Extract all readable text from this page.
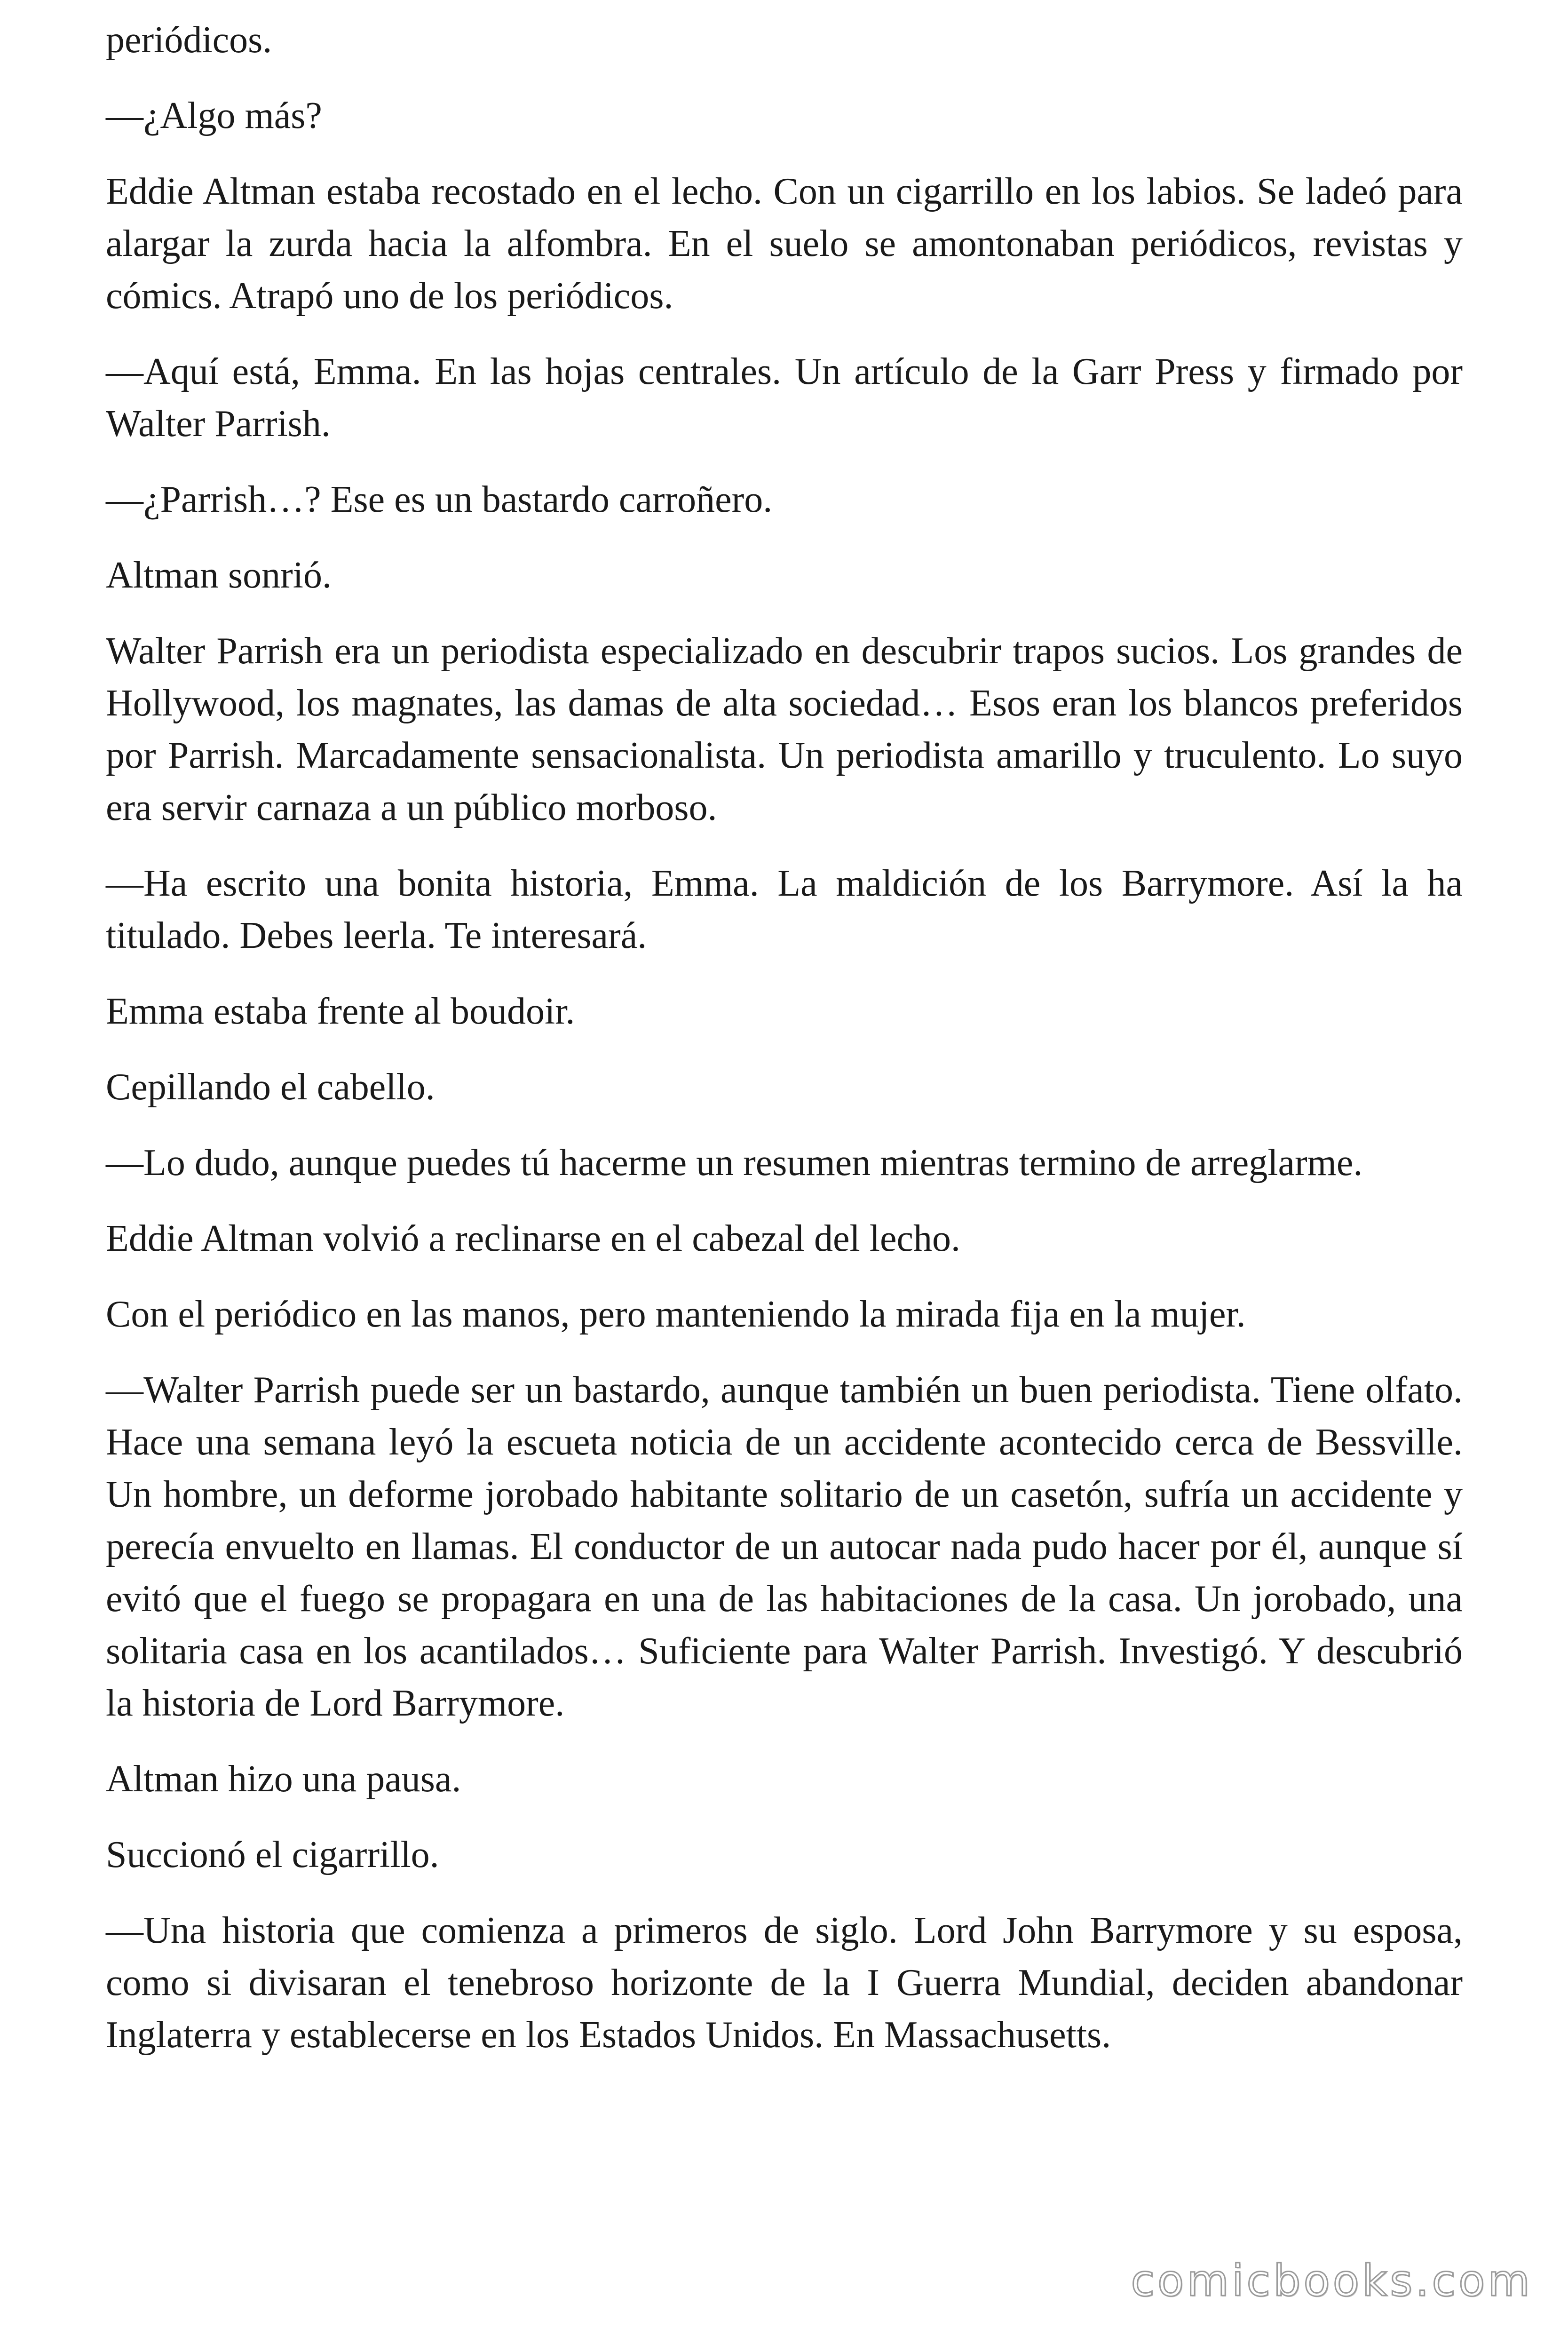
periódicos.

—¿Algo más?

Eddie Altman estaba recostado en el lecho. Con un cigarrillo en los labios. Se ladeó para alargar la zurda hacia la alfombra. En el suelo se amontonaban periódicos, revistas y cómics. Atrapó uno de los periódicos.

—Aquí está, Emma. En las hojas centrales. Un artículo de la Garr Press y firmado por Walter Parrish.

—¿Parrish…? Ese es un bastardo carroñero.

Altman sonrió.

Walter Parrish era un periodista especializado en descubrir trapos sucios. Los grandes de Hollywood, los magnates, las damas de alta sociedad… Esos eran los blancos preferidos por Parrish. Marcadamente sensacionalista. Un periodista amarillo y truculento. Lo suyo era servir carnaza a un público morboso.

—Ha escrito una bonita historia, Emma. La maldición de los Barrymore. Así la ha titulado. Debes leerla. Te interesará.

Emma estaba frente al boudoir.

Cepillando el cabello.

—Lo dudo, aunque puedes tú hacerme un resumen mientras termino de arreglarme.

Eddie Altman volvió a reclinarse en el cabezal del lecho.

Con el periódico en las manos, pero manteniendo la mirada fija en la mujer.

—Walter Parrish puede ser un bastardo, aunque también un buen periodista. Tiene olfato. Hace una semana leyó la escueta noticia de un accidente acontecido cerca de Bessville. Un hombre, un deforme jorobado habitante solitario de un casetón, sufría un accidente y perecía envuelto en llamas. El conductor de un autocar nada pudo hacer por él, aunque sí evitó que el fuego se propagara en una de las habitaciones de la casa. Un jorobado, una solitaria casa en los acantilados… Suficiente para Walter Parrish. Investigó. Y descubrió la historia de Lord Barrymore.

Altman hizo una pausa.

Succionó el cigarrillo.

—Una historia que comienza a primeros de siglo. Lord John Barrymore y su esposa, como si divisaran el tenebroso horizonte de la I Guerra Mundial, deciden abandonar Inglaterra y establecerse en los Estados Unidos. En Massachusetts.

comicbooks.com
